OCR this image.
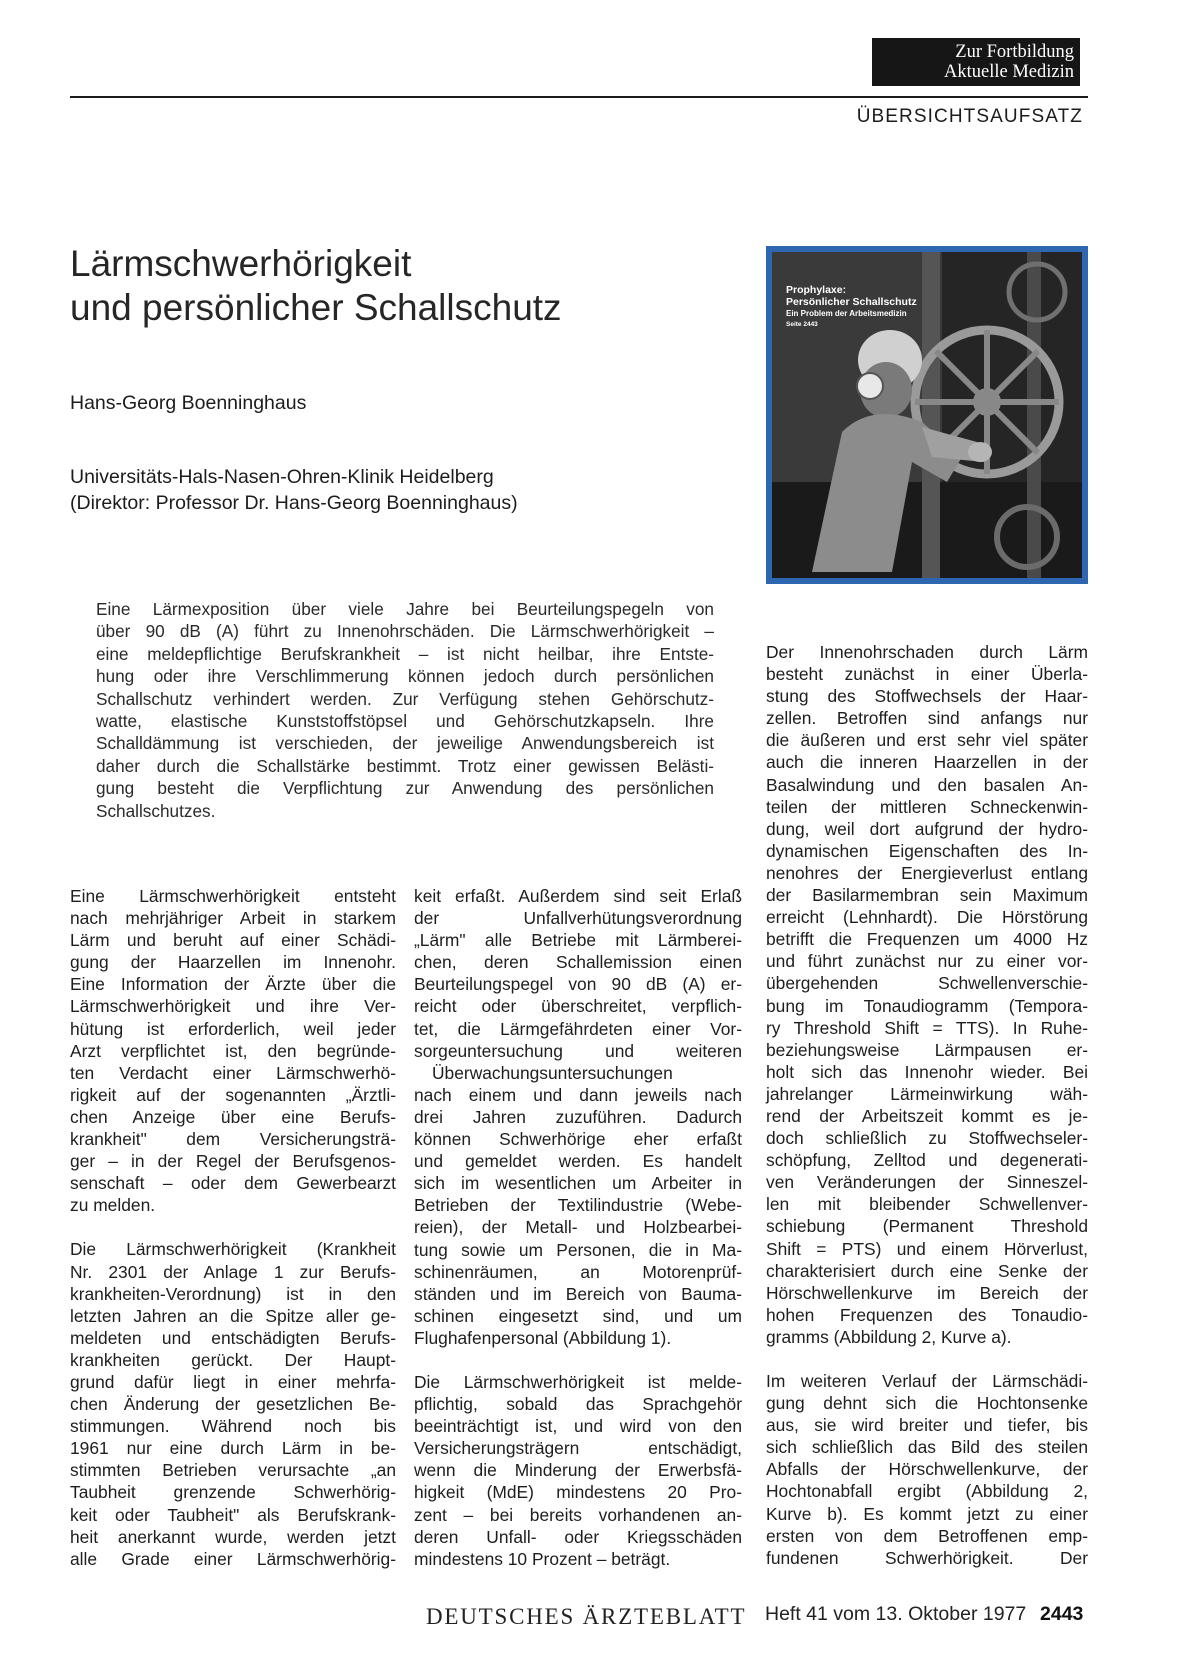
Zur Fortbildung
Aktuelle Medizin
ÜBERSICHTSAUFSATZ
Lärmschwerhörigkeit
und persönlicher Schallschutz
Hans-Georg Boenninghaus
Universitäts-Hals-Nasen-Ohren-Klinik Heidelberg
(Direktor: Professor Dr. Hans-Georg Boenninghaus)
Prophylaxe:
Persönlicher Schallschutz
Ein Problem der Arbeitsmedizin
Seite 2443
Eine Lärmexposition über viele Jahre bei Beurteilungspegeln von
über 90 dB (A) führt zu Innenohrschäden. Die Lärmschwerhörigkeit –
eine meldepflichtige Berufskrankheit – ist nicht heilbar, ihre Entste-
hung oder ihre Verschlimmerung können jedoch durch persönlichen
Schallschutz verhindert werden. Zur Verfügung stehen Gehörschutz-
watte, elastische Kunststoffstöpsel und Gehörschutzkapseln. Ihre
Schalldämmung ist verschieden, der jeweilige Anwendungsbereich ist
daher durch die Schallstärke bestimmt. Trotz einer gewissen Belästi-
gung besteht die Verpflichtung zur Anwendung des persönlichen
Schallschutzes.

Eine Lärmschwerhörigkeit entsteht
nach mehrjähriger Arbeit in starkem
Lärm und beruht auf einer Schädi-
gung der Haarzellen im Innenohr.
Eine Information der Ärzte über die
Lärmschwerhörigkeit und ihre Ver-
hütung ist erforderlich, weil jeder
Arzt verpflichtet ist, den begründe-
ten Verdacht einer Lärmschwerhö-
rigkeit auf der sogenannten „Ärztli-
chen Anzeige über eine Berufs-
krankheit" dem Versicherungsträ-
ger – in der Regel der Berufsgenos-
senschaft – oder dem Gewerbearzt
zu melden.

Die Lärmschwerhörigkeit (Krankheit
Nr. 2301 der Anlage 1 zur Berufs-
krankheiten-Verordnung) ist in den
letzten Jahren an die Spitze aller ge-
meldeten und entschädigten Berufs-
krankheiten gerückt. Der Haupt-
grund dafür liegt in einer mehrfa-
chen Änderung der gesetzlichen Be-
stimmungen. Während noch bis
1961 nur eine durch Lärm in be-
stimmten Betrieben verursachte „an
Taubheit grenzende Schwerhörig-
keit oder Taubheit" als Berufskrank-
heit anerkannt wurde, werden jetzt
alle Grade einer Lärmschwerhörig-

keit erfaßt. Außerdem sind seit Erlaß
der Unfallverhütungsverordnung
„Lärm" alle Betriebe mit Lärmberei-
chen, deren Schallemission einen
Beurteilungspegel von 90 dB (A) er-
reicht oder überschreitet, verpflich-
tet, die Lärmgefährdeten einer Vor-
sorgeuntersuchung und weiteren
Überwachungsuntersuchungen
nach einem und dann jeweils nach
drei Jahren zuzuführen. Dadurch
können Schwerhörige eher erfaßt
und gemeldet werden. Es handelt
sich im wesentlichen um Arbeiter in
Betrieben der Textilindustrie (Webe-
reien), der Metall- und Holzbearbei-
tung sowie um Personen, die in Ma-
schinenräumen, an Motorenprüf-
ständen und im Bereich von Bauma-
schinen eingesetzt sind, und um
Flughafenpersonal (Abbildung 1).

Die Lärmschwerhörigkeit ist melde-
pflichtig, sobald das Sprachgehör
beeinträchtigt ist, und wird von den
Versicherungsträgern entschädigt,
wenn die Minderung der Erwerbsfä-
higkeit (MdE) mindestens 20 Pro-
zent – bei bereits vorhandenen an-
deren Unfall- oder Kriegsschäden
mindestens 10 Prozent – beträgt.

Der Innenohrschaden durch Lärm
besteht zunächst in einer Überla-
stung des Stoffwechsels der Haar-
zellen. Betroffen sind anfangs nur
die äußeren und erst sehr viel später
auch die inneren Haarzellen in der
Basalwindung und den basalen An-
teilen der mittleren Schneckenwin-
dung, weil dort aufgrund der hydro-
dynamischen Eigenschaften des In-
nenohres der Energieverlust entlang
der Basilarmembran sein Maximum
erreicht (Lehnhardt). Die Hörstörung
betrifft die Frequenzen um 4000 Hz
und führt zunächst nur zu einer vor-
übergehenden Schwellenverschie-
bung im Tonaudiogramm (Tempora-
ry Threshold Shift = TTS). In Ruhe-
beziehungsweise Lärmpausen er-
holt sich das Innenohr wieder. Bei
jahrelanger Lärmeinwirkung wäh-
rend der Arbeitszeit kommt es je-
doch schließlich zu Stoffwechseler-
schöpfung, Zelltod und degenerati-
ven Veränderungen der Sinneszel-
len mit bleibender Schwellenver-
schiebung (Permanent Threshold
Shift = PTS) und einem Hörverlust,
charakterisiert durch eine Senke der
Hörschwellenkurve im Bereich der
hohen Frequenzen des Tonaudio-
gramms (Abbildung 2, Kurve a).

Im weiteren Verlauf der Lärmschädi-
gung dehnt sich die Hochtonsenke
aus, sie wird breiter und tiefer, bis
sich schließlich das Bild des steilen
Abfalls der Hörschwellenkurve, der
Hochtonabfall ergibt (Abbildung 2,
Kurve b). Es kommt jetzt zu einer
ersten von dem Betroffenen emp-
fundenen Schwerhörigkeit. Der

DEUTSCHES ÄRZTEBLATT Heft 41 vom 13. Oktober 1977 2443
